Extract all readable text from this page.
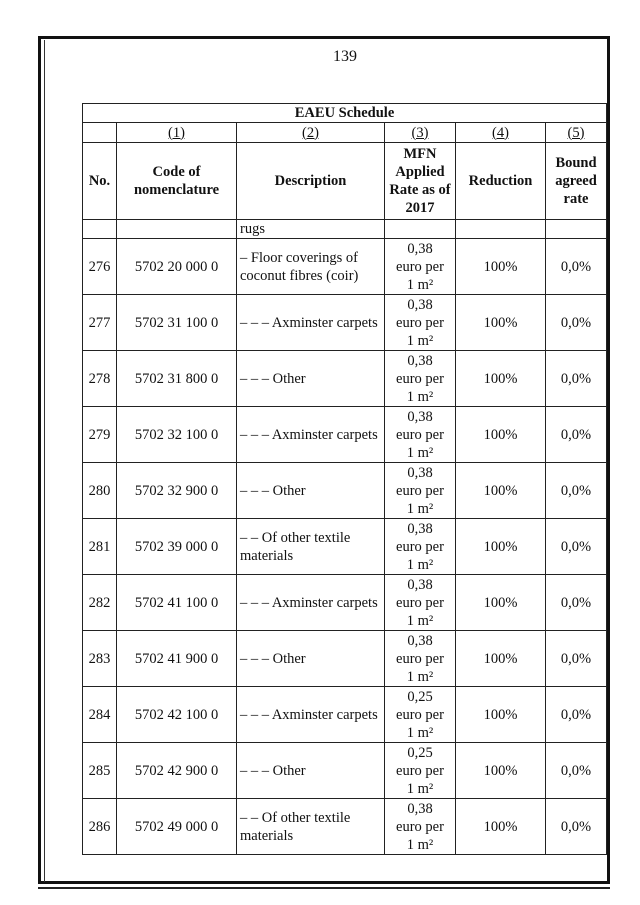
139
EAEU Schedule					
	(1)	(2)	(3)	(4)	(5)
No.	Code of nomenclature	Description	MFN Applied Rate as of 2017	Reduction	Bound agreed rate
		rugs			
276	5702 20 000 0	– Floor coverings of coconut fibres (coir)	0,38
euro per
1 m²	100%	0,0%
277	5702 31 100 0	– – – Axminster carpets	0,38
euro per
1 m²	100%	0,0%
278	5702 31 800 0	– – – Other	0,38
euro per
1 m²	100%	0,0%
279	5702 32 100 0	– – – Axminster carpets	0,38
euro per
1 m²	100%	0,0%
280	5702 32 900 0	– – – Other	0,38
euro per
1 m²	100%	0,0%
281	5702 39 000 0	– – Of other textile materials	0,38
euro per
1 m²	100%	0,0%
282	5702 41 100 0	– – – Axminster carpets	0,38
euro per
1 m²	100%	0,0%
283	5702 41 900 0	– – – Other	0,38
euro per
1 m²	100%	0,0%
284	5702 42 100 0	– – – Axminster carpets	0,25
euro per
1 m²	100%	0,0%
285	5702 42 900 0	– – – Other	0,25
euro per
1 m²	100%	0,0%
286	5702 49 000 0	– – Of other textile materials	0,38
euro per
1 m²	100%	0,0%
